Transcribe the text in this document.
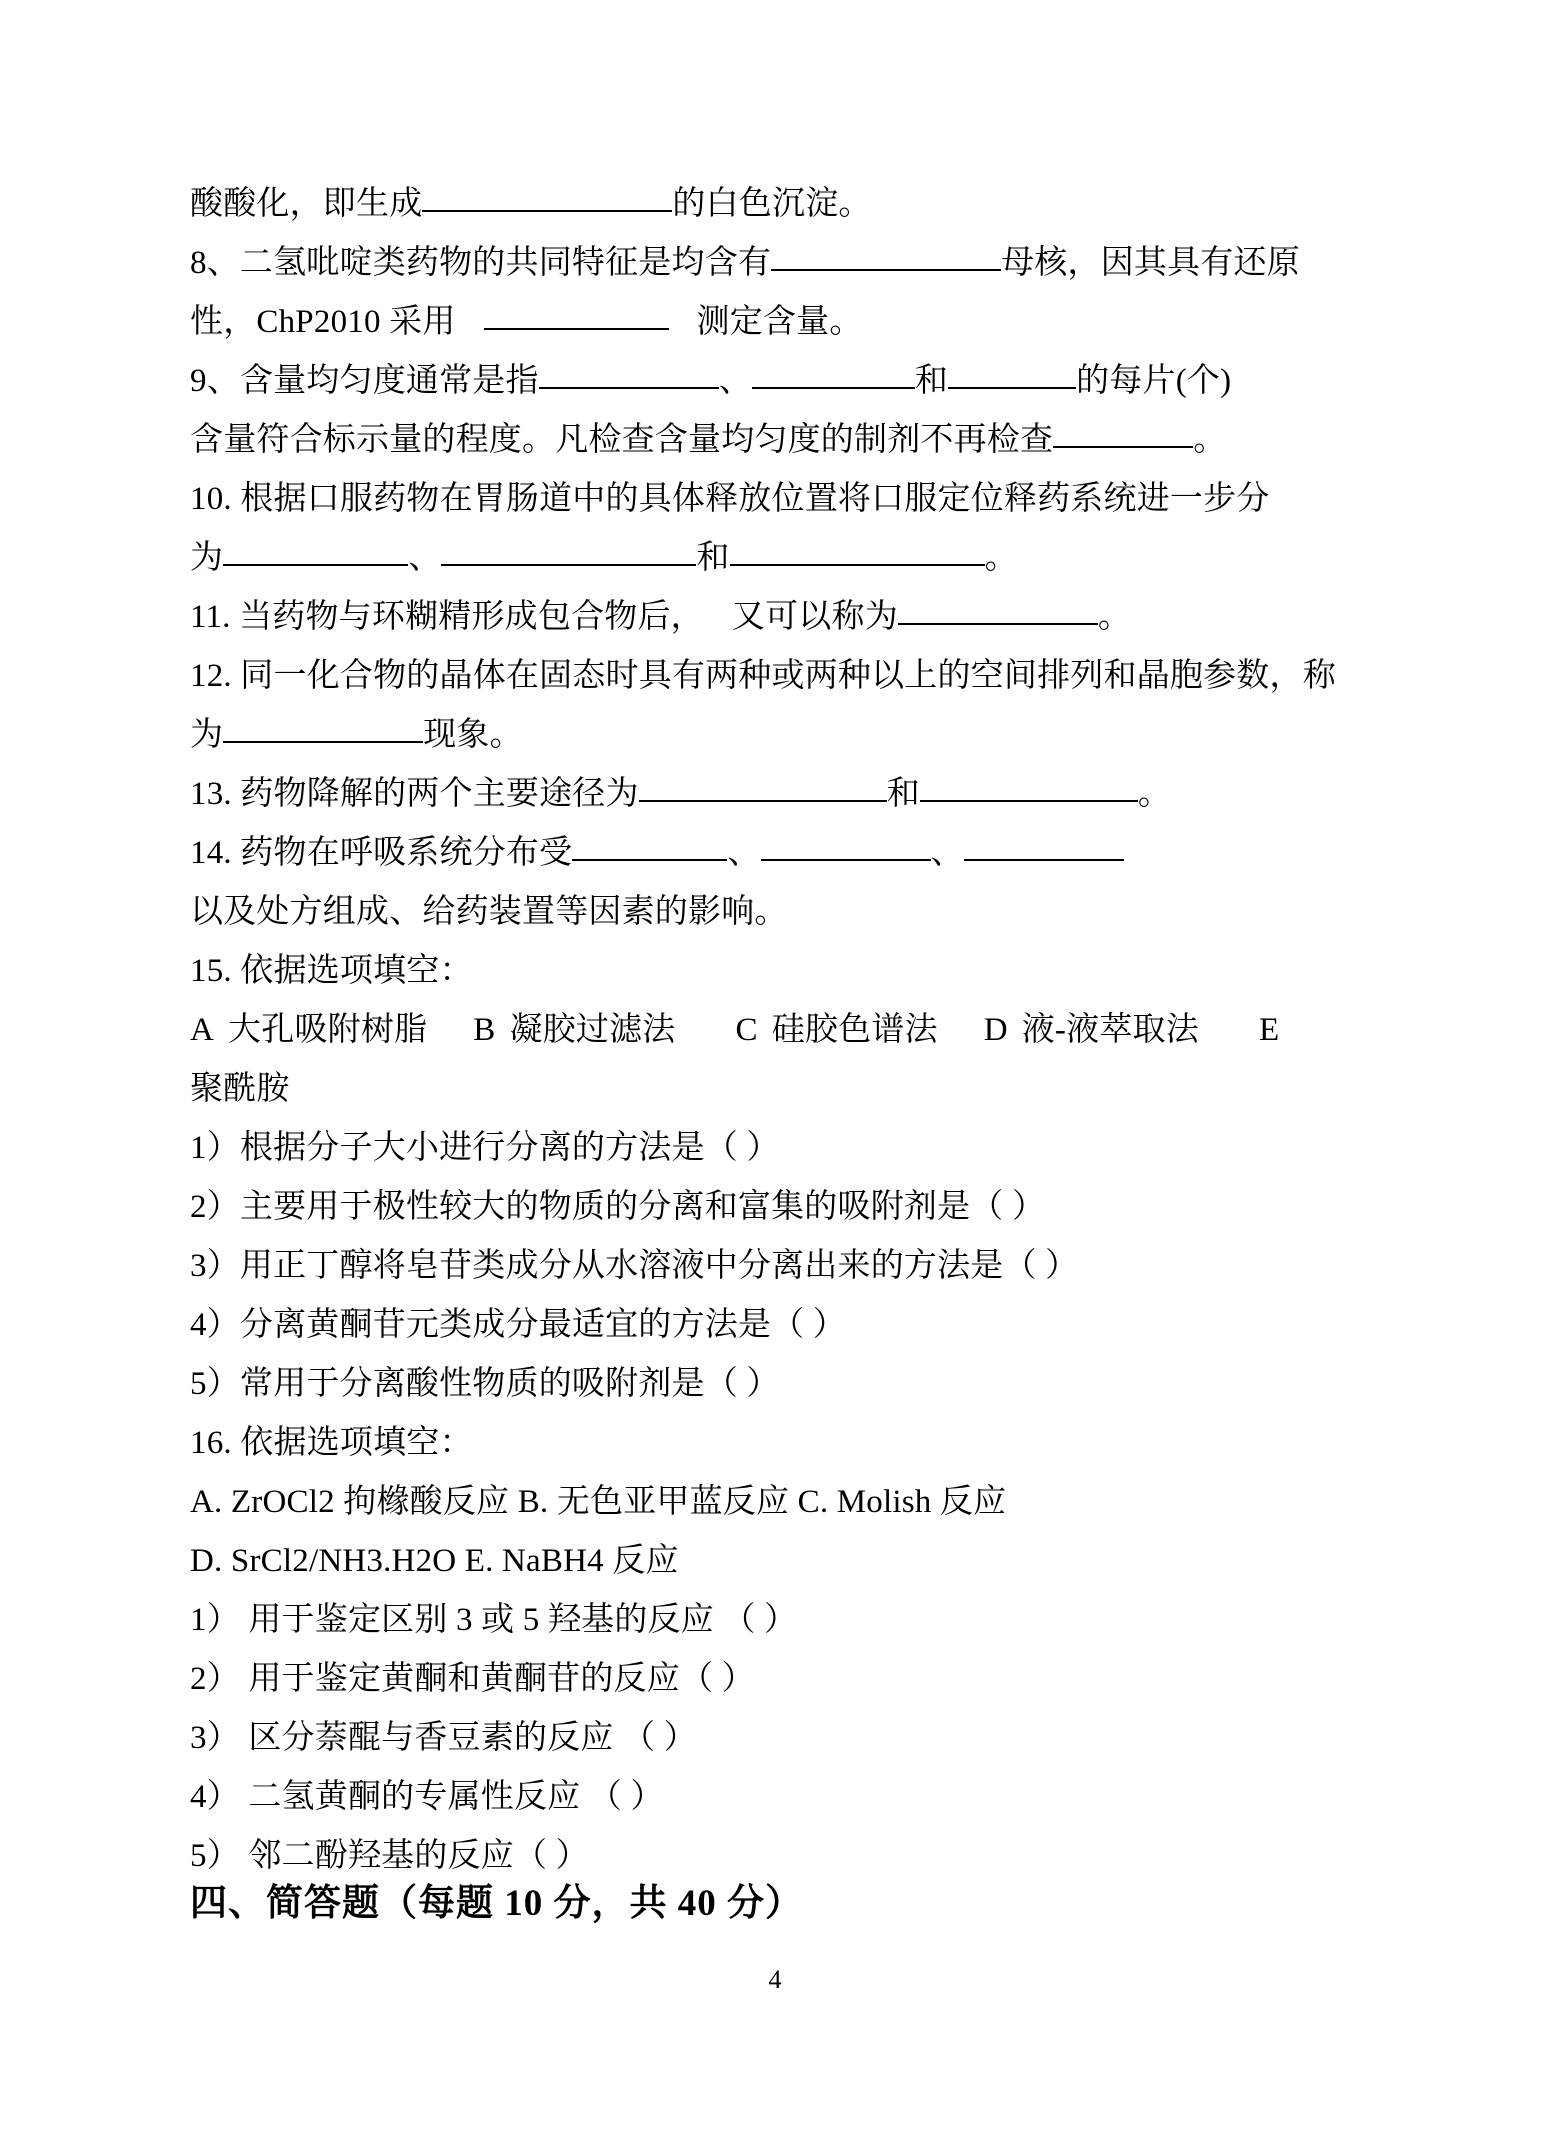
酸酸化，即生成	的白色沉淀。
8、二氢吡啶类药物的共同特征是均含有	母核，因其具有还原
性，ChP2010 采用	测定含量。
9、含量均匀度通常是指	、	和	的每片(个)
含量符合标示量的程度。凡检查含量均匀度的制剂不再检查	。
10. 根据口服药物在胃肠道中的具体释放位置将口服定位释药系统进一步分
为	、	和	。
11. 当药物与环糊精形成包合物后， 又可以称为	。
12. 同一化合物的晶体在固态时具有两种或两种以上的空间排列和晶胞参数，称
为	现象。
13. 药物降解的两个主要途径为	和	。
14. 药物在呼吸系统分布受	、	、
以及处方组成、给药装置等因素的影响。
15. 依据选项填空：
A 大孔吸附树脂 B 凝胶过滤法 C 硅胶色谱法 D 液-液萃取法 E
聚酰胺
1）根据分子大小进行分离的方法是（ ）
2）主要用于极性较大的物质的分离和富集的吸附剂是（ ）
3）用正丁醇将皂苷类成分从水溶液中分离出来的方法是（ ）
4）分离黄酮苷元类成分最适宜的方法是（ ）
5）常用于分离酸性物质的吸附剂是（ ）
16. 依据选项填空：
A. ZrOCl2 拘橼酸反应 B. 无色亚甲蓝反应 C. Molish 反应
D. SrCl2/NH3.H2O E. NaBH4 反应
1） 用于鉴定区别 3 或 5 羟基的反应 （ ）
2） 用于鉴定黄酮和黄酮苷的反应（ ）
3） 区分萘醌与香豆素的反应 （ ）
4） 二氢黄酮的专属性反应 （ ）
5） 邻二酚羟基的反应（ ）
四、简答题（每题 10 分，共 40 分）
4
